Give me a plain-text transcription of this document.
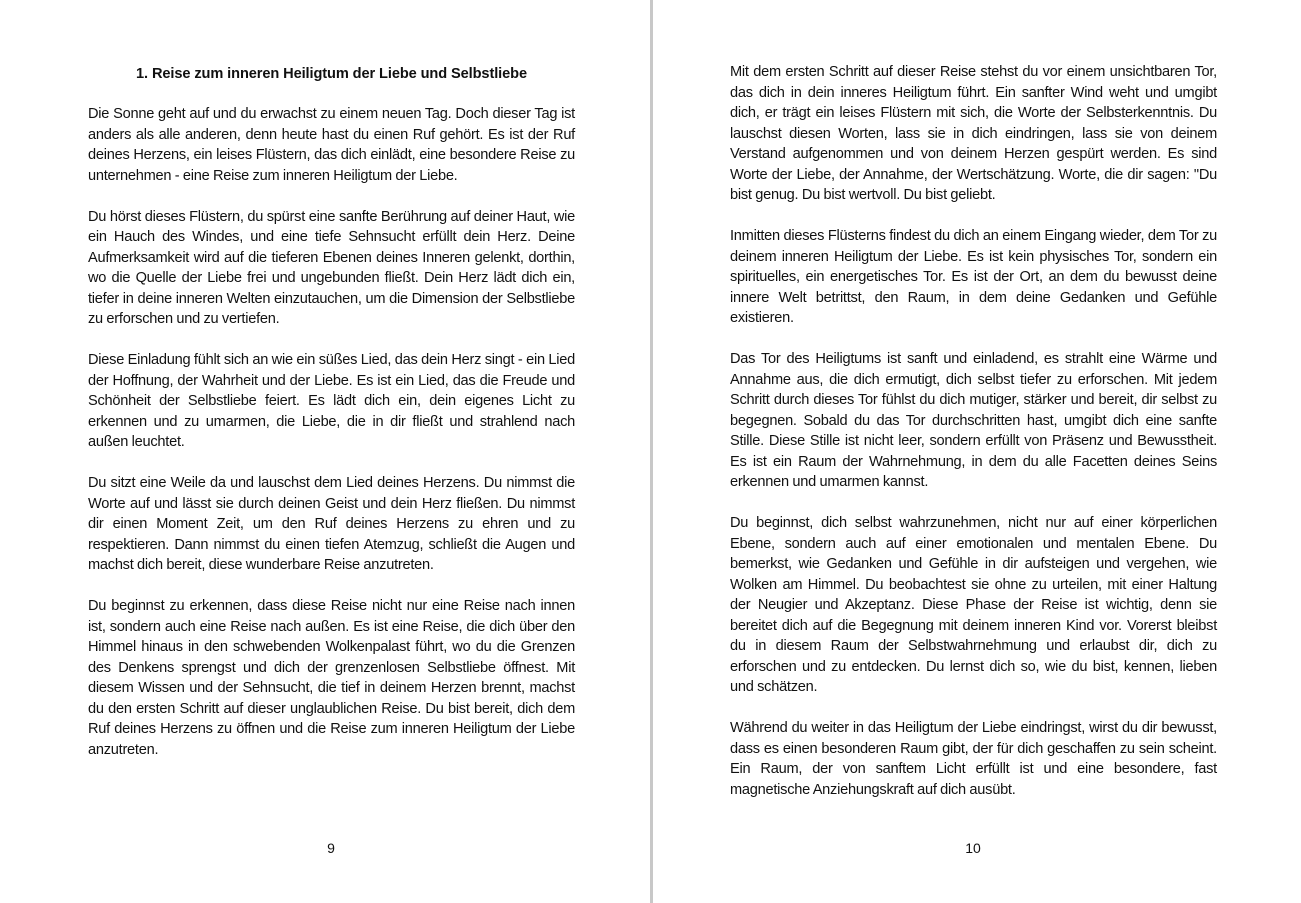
1. Reise zum inneren Heiligtum der Liebe und Selbstliebe

Die Sonne geht auf und du erwachst zu einem neuen Tag. Doch dieser Tag ist anders als alle anderen, denn heute hast du einen Ruf gehört. Es ist der Ruf deines Herzens, ein leises Flüstern, das dich einlädt, eine besondere Reise zu unternehmen - eine Reise zum inneren Heiligtum der Liebe.

Du hörst dieses Flüstern, du spürst eine sanfte Berührung auf deiner Haut, wie ein Hauch des Windes, und eine tiefe Sehnsucht erfüllt dein Herz. Deine Aufmerksamkeit wird auf die tieferen Ebenen deines Inneren gelenkt, dorthin, wo die Quelle der Liebe frei und ungebunden fließt. Dein Herz lädt dich ein, tiefer in deine inneren Welten einzutauchen, um die Dimension der Selbstliebe zu erforschen und zu vertiefen.

Diese Einladung fühlt sich an wie ein süßes Lied, das dein Herz singt - ein Lied der Hoffnung, der Wahrheit und der Liebe. Es ist ein Lied, das die Freude und Schönheit der Selbstliebe feiert. Es lädt dich ein, dein eigenes Licht zu erkennen und zu umarmen, die Liebe, die in dir fließt und strahlend nach außen leuchtet.

Du sitzt eine Weile da und lauschst dem Lied deines Herzens. Du nimmst die Worte auf und lässt sie durch deinen Geist und dein Herz fließen. Du nimmst dir einen Moment Zeit, um den Ruf deines Herzens zu ehren und zu respektieren. Dann nimmst du einen tiefen Atemzug, schließt die Augen und machst dich bereit, diese wunderbare Reise anzutreten.

Du beginnst zu erkennen, dass diese Reise nicht nur eine Reise nach innen ist, sondern auch eine Reise nach außen. Es ist eine Reise, die dich über den Himmel hinaus in den schwebenden Wolkenpalast führt, wo du die Grenzen des Denkens sprengst und dich der grenzenlosen Selbstliebe öffnest. Mit diesem Wissen und der Sehnsucht, die tief in deinem Herzen brennt, machst du den ersten Schritt auf dieser unglaublichen Reise. Du bist bereit, dich dem Ruf deines Herzens zu öffnen und die Reise zum inneren Heiligtum der Liebe anzutreten.

9

Mit dem ersten Schritt auf dieser Reise stehst du vor einem unsichtbaren Tor, das dich in dein inneres Heiligtum führt. Ein sanfter Wind weht und umgibt dich, er trägt ein leises Flüstern mit sich, die Worte der Selbsterkenntnis. Du lauschst diesen Worten, lass sie in dich eindringen, lass sie von deinem Verstand aufgenommen und von deinem Herzen gespürt werden. Es sind Worte der Liebe, der Annahme, der Wertschätzung. Worte, die dir sagen: "Du bist genug. Du bist wertvoll. Du bist geliebt.

Inmitten dieses Flüsterns findest du dich an einem Eingang wieder, dem Tor zu deinem inneren Heiligtum der Liebe. Es ist kein physisches Tor, sondern ein spirituelles, ein energetisches Tor. Es ist der Ort, an dem du bewusst deine innere Welt betrittst, den Raum, in dem deine Gedanken und Gefühle existieren.

Das Tor des Heiligtums ist sanft und einladend, es strahlt eine Wärme und Annahme aus, die dich ermutigt, dich selbst tiefer zu erforschen. Mit jedem Schritt durch dieses Tor fühlst du dich mutiger, stärker und bereit, dir selbst zu begegnen. Sobald du das Tor durchschritten hast, umgibt dich eine sanfte Stille. Diese Stille ist nicht leer, sondern erfüllt von Präsenz und Bewusstheit. Es ist ein Raum der Wahrnehmung, in dem du alle Facetten deines Seins erkennen und umarmen kannst.

Du beginnst, dich selbst wahrzunehmen, nicht nur auf einer körperlichen Ebene, sondern auch auf einer emotionalen und mentalen Ebene. Du bemerkst, wie Gedanken und Gefühle in dir aufsteigen und vergehen, wie Wolken am Himmel. Du beobachtest sie ohne zu urteilen, mit einer Haltung der Neugier und Akzeptanz. Diese Phase der Reise ist wichtig, denn sie bereitet dich auf die Begegnung mit deinem inneren Kind vor. Vorerst bleibst du in diesem Raum der Selbstwahrnehmung und erlaubst dir, dich zu erforschen und zu entdecken. Du lernst dich so, wie du bist, kennen, lieben und schätzen.

Während du weiter in das Heiligtum der Liebe eindringst, wirst du dir bewusst, dass es einen besonderen Raum gibt, der für dich geschaffen zu sein scheint. Ein Raum, der von sanftem Licht erfüllt ist und eine besondere, fast magnetische Anziehungskraft auf dich ausübt.

10
